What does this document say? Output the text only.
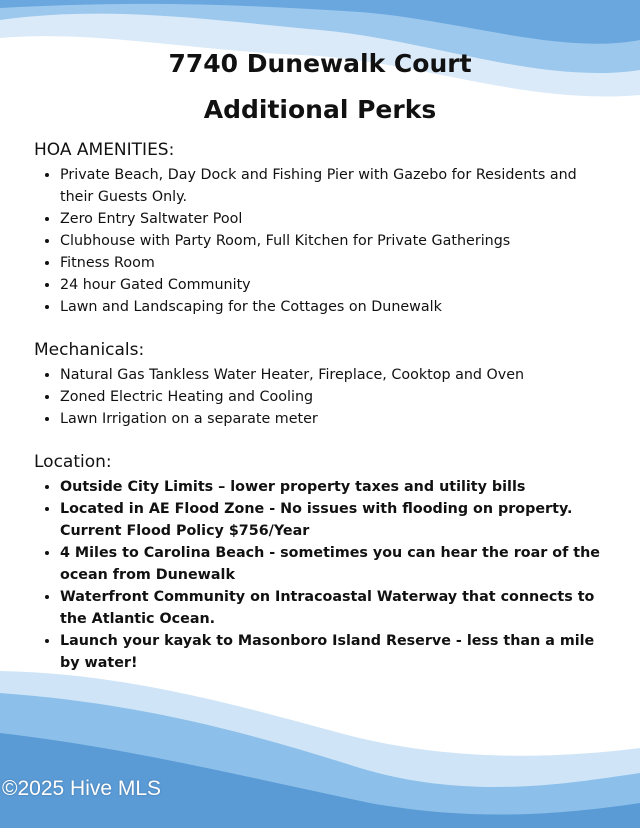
7740 Dunewalk Court
Additional Perks
HOA AMENITIES:
• Private Beach, Day Dock and Fishing Pier with Gazebo for Residents and their Guests Only.
• Zero Entry Saltwater Pool
• Clubhouse with Party Room, Full Kitchen for Private Gatherings
• Fitness Room
• 24 hour Gated Community
• Lawn and Landscaping for the Cottages on Dunewalk
Mechanicals:
• Natural Gas Tankless Water Heater, Fireplace, Cooktop and Oven
• Zoned Electric Heating and Cooling
• Lawn Irrigation on a separate meter
Location:
• Outside City Limits – lower property taxes and utility bills
• Located in AE Flood Zone - No issues with flooding on property. Current Flood Policy $756/Year
• 4 Miles to Carolina Beach - sometimes you can hear the roar of the ocean from Dunewalk
• Waterfront Community on Intracoastal Waterway that connects to the Atlantic Ocean.
• Launch your kayak to Masonboro Island Reserve - less than a mile by water!
©2025 Hive MLS
